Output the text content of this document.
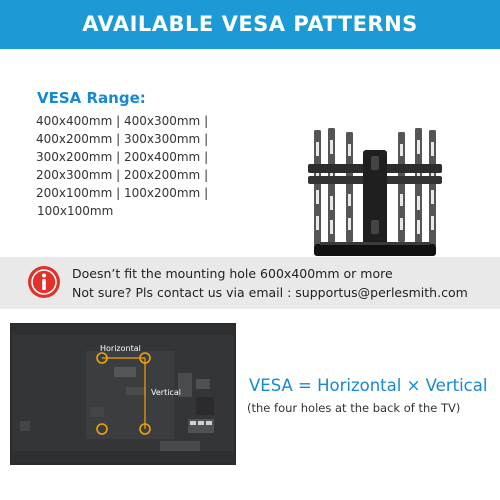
AVAILABLE VESA PATTERNS
VESA Range:
400x400mm | 400x300mm |
400x200mm | 300x300mm |
300x200mm | 200x400mm |
200x300mm | 200x200mm |
200x100mm | 100x200mm |
100x100mm
Doesn’t fit the mounting hole 600x400mm or more
Not sure? Pls contact us via email : supportus@perlesmith.com
Horizontal
Vertical	VESA = Horizontal × Vertical
(the four holes at the back of the TV)
